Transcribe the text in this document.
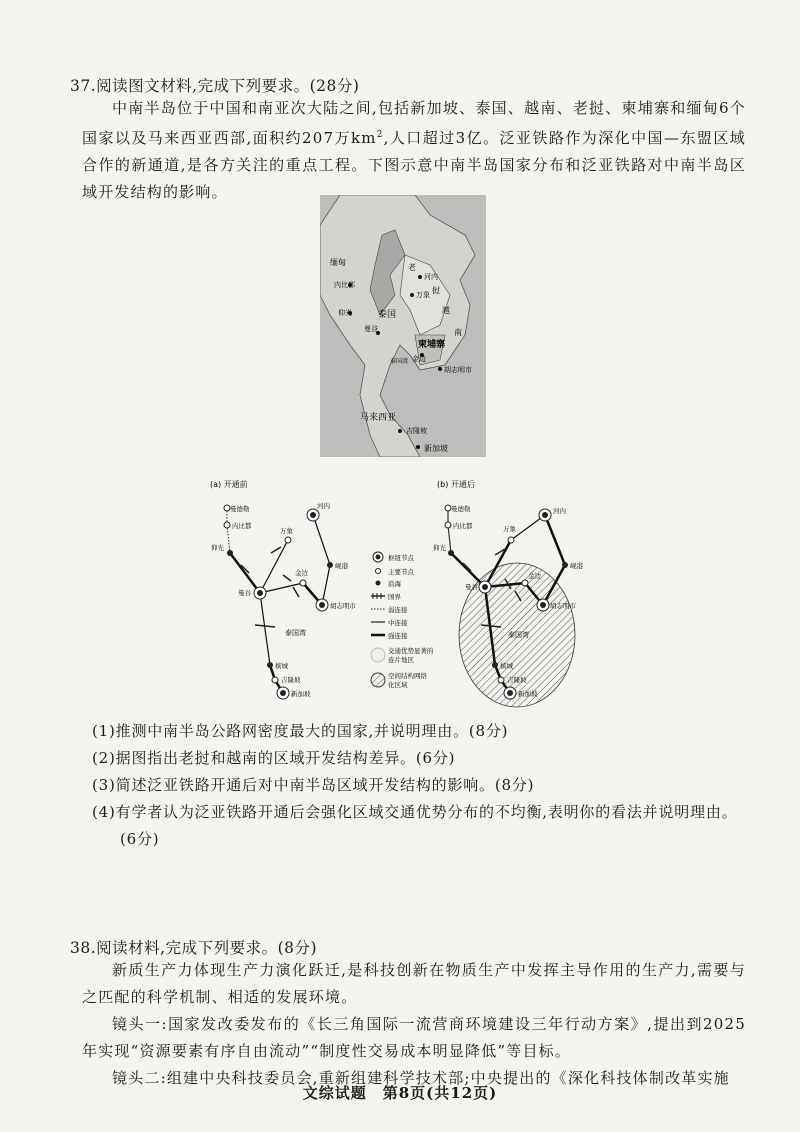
37.阅读图文材料,完成下列要求。(28分)

中南半岛位于中国和南亚次大陆之间,包括新加坡、泰国、越南、老挝、柬埔寨和缅甸6个国家以及马来西亚西部,面积约207万$km^2$,人口超过3亿。泛亚铁路作为深化中国—东盟区域合作的新通道,是各方关注的重点工程。下图示意中南半岛国家分布和泛亚铁路对中南半岛区域开发结构的影响。

缅甸
老
挝
泰国	越
南
柬埔寨
马来西亚
河内
万象
内比都
仰光
曼谷
金边
胡志明市
泰国湾
吉隆坡
新加坡
(a) 开通前	(b) 开通后
曼德勒
内比都
仰光
万象
河内
岘港
曼谷
金边
胡志明市
泰国湾
槟城
吉隆坡
新加坡
枢纽节点
主要节点
沿海
国界
弱连接
中连接
强连接
交通优势显著的
连片地区
空间结构网络
化区域
曼德勒
内比都
仰光
万象
河内
岘港
曼谷
金边
胡志明市
泰国湾
槟城
吉隆坡
新加坡
(1)推测中南半岛公路网密度最大的国家,并说明理由。(8分)
(2)据图指出老挝和越南的区域开发结构差异。(6分)
(3)简述泛亚铁路开通后对中南半岛区域开发结构的影响。(8分)
(4)有学者认为泛亚铁路开通后会强化区域交通优势分布的不均衡,表明你的看法并说明理由。(6分)
38.阅读材料,完成下列要求。(8分)

新质生产力体现生产力演化跃迁,是科技创新在物质生产中发挥主导作用的生产力,需要与之匹配的科学机制、相适的发展环境。

镜头一:国家发改委发布的《长三角国际一流营商环境建设三年行动方案》,提出到2025年实现“资源要素有序自由流动”“制度性交易成本明显降低”等目标。

镜头二:组建中央科技委员会,重新组建科学技术部;中央提出的《深化科技体制改革实施

文综试题　第8页(共12页)
